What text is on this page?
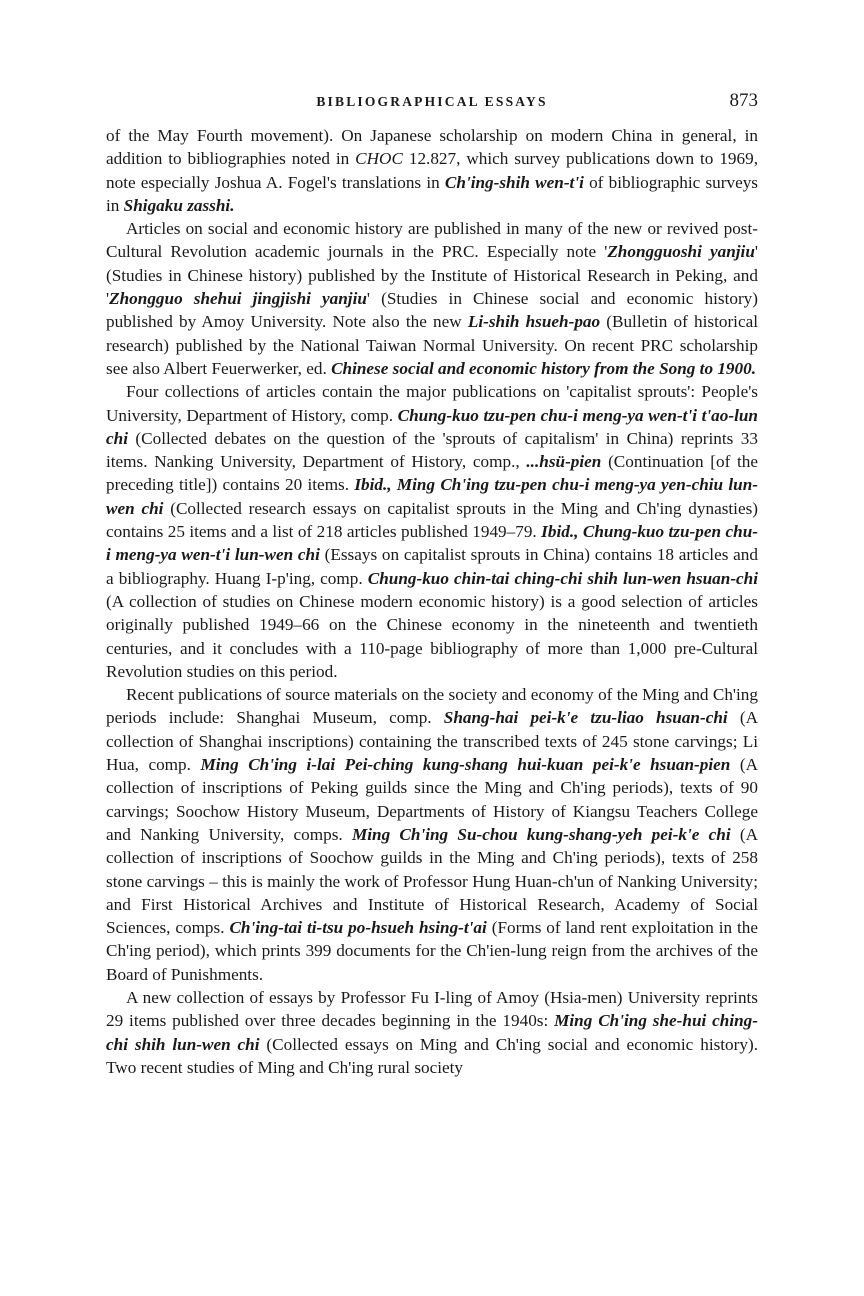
BIBLIOGRAPHICAL ESSAYS	873

of the May Fourth movement). On Japanese scholarship on modern China in general, in addition to bibliographies noted in CHOC 12.827, which survey publications down to 1969, note especially Joshua A. Fogel's translations in Ch'ing-shih wen-t'i of bibliographic surveys in Shigaku zasshi.

Articles on social and economic history are published in many of the new or revived post-Cultural Revolution academic journals in the PRC. Especially note 'Zhongguoshi yanjiu' (Studies in Chinese history) published by the Institute of Historical Research in Peking, and 'Zhongguo shehui jingjishi yanjiu' (Studies in Chinese social and economic history) published by Amoy University. Note also the new Li-shih hsueh-pao (Bulletin of historical research) published by the National Taiwan Normal University. On recent PRC scholarship see also Albert Feuerwerker, ed. Chinese social and economic history from the Song to 1900.

Four collections of articles contain the major publications on 'capitalist sprouts': People's University, Department of History, comp. Chung-kuo tzu-pen chu-i meng-ya wen-t'i t'ao-lun chi (Collected debates on the question of the 'sprouts of capitalism' in China) reprints 33 items. Nanking University, Department of History, comp., ...hsü-pien (Continuation [of the preceding title]) contains 20 items. Ibid., Ming Ch'ing tzu-pen chu-i meng-ya yen-chiu lun-wen chi (Collected research essays on capitalist sprouts in the Ming and Ch'ing dynasties) contains 25 items and a list of 218 articles published 1949–79. Ibid., Chung-kuo tzu-pen chu-i meng-ya wen-t'i lun-wen chi (Essays on capitalist sprouts in China) contains 18 articles and a bibliography. Huang I-p'ing, comp. Chung-kuo chin-tai ching-chi shih lun-wen hsuan-chi (A collection of studies on Chinese modern economic history) is a good selection of articles originally published 1949–66 on the Chinese economy in the nineteenth and twentieth centuries, and it concludes with a 110-page bibliography of more than 1,000 pre-Cultural Revolution studies on this period.

Recent publications of source materials on the society and economy of the Ming and Ch'ing periods include: Shanghai Museum, comp. Shang-hai pei-k'e tzu-liao hsuan-chi (A collection of Shanghai inscriptions) containing the transcribed texts of 245 stone carvings; Li Hua, comp. Ming Ch'ing i-lai Pei-ching kung-shang hui-kuan pei-k'e hsuan-pien (A collection of inscriptions of Peking guilds since the Ming and Ch'ing periods), texts of 90 carvings; Soochow History Museum, Departments of History of Kiangsu Teachers College and Nanking University, comps. Ming Ch'ing Su-chou kung-shang-yeh pei-k'e chi (A collection of inscriptions of Soochow guilds in the Ming and Ch'ing periods), texts of 258 stone carvings – this is mainly the work of Professor Hung Huan-ch'un of Nanking University; and First Historical Archives and Institute of Historical Research, Academy of Social Sciences, comps. Ch'ing-tai ti-tsu po-hsueh hsing-t'ai (Forms of land rent exploitation in the Ch'ing period), which prints 399 documents for the Ch'ien-lung reign from the archives of the Board of Punishments.

A new collection of essays by Professor Fu I-ling of Amoy (Hsia-men) University reprints 29 items published over three decades beginning in the 1940s: Ming Ch'ing she-hui ching-chi shih lun-wen chi (Collected essays on Ming and Ch'ing social and economic history). Two recent studies of Ming and Ch'ing rural society
